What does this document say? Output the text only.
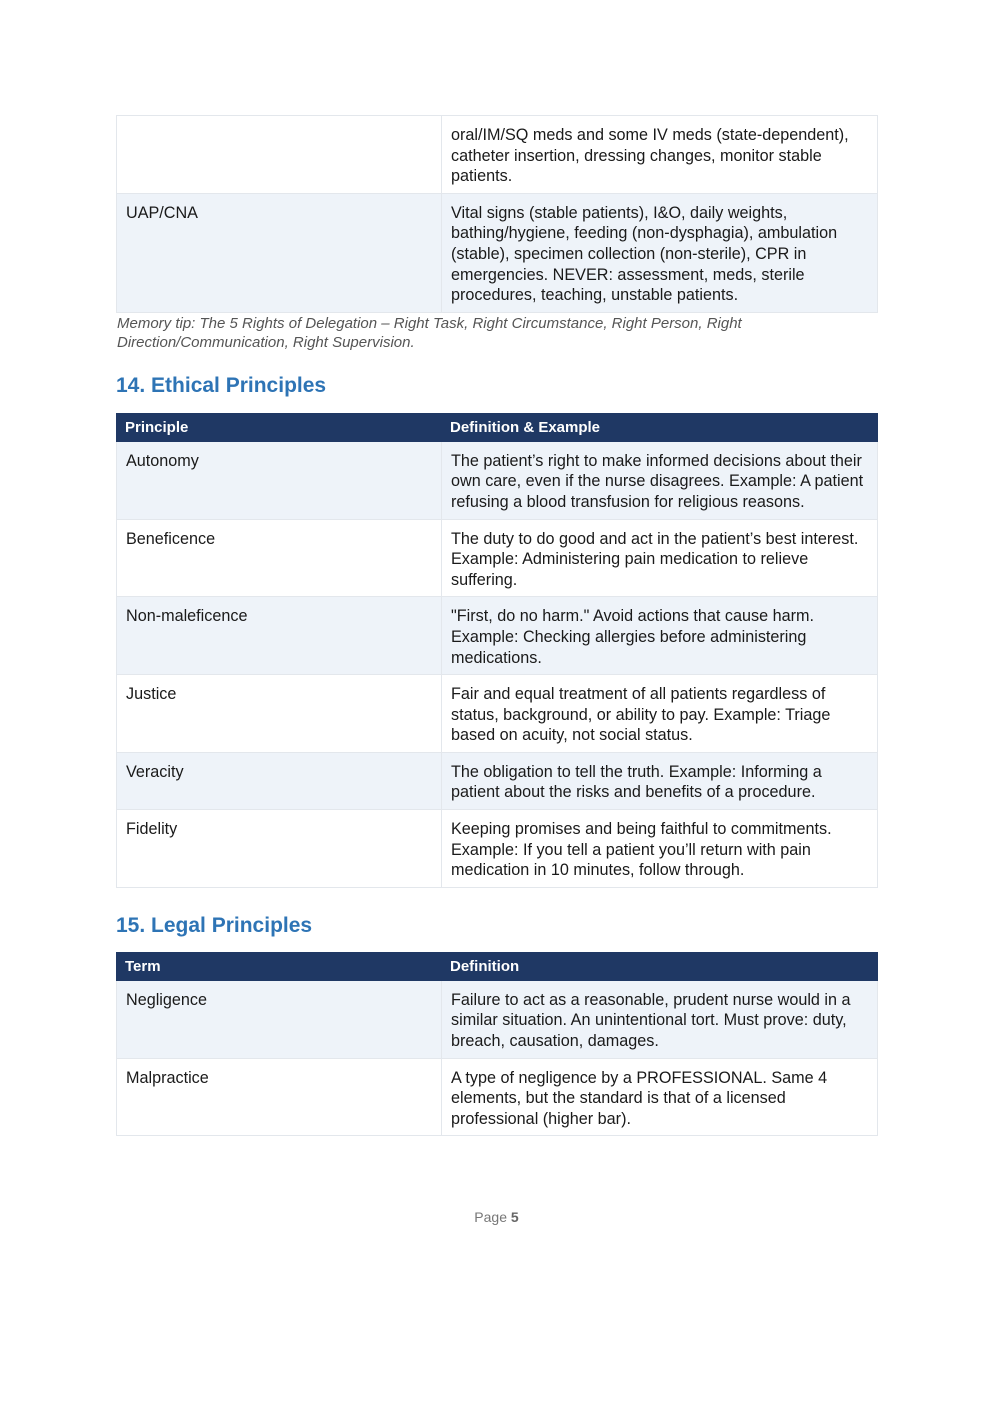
	oral/IM/SQ meds and some IV meds (state-dependent), catheter insertion, dressing changes, monitor stable patients.
UAP/CNA	Vital signs (stable patients), I&O, daily weights, bathing/hygiene, feeding (non-dysphagia), ambulation (stable), specimen collection (non-sterile), CPR in emergencies. NEVER: assessment, meds, sterile procedures, teaching, unstable patients.
Memory tip: The 5 Rights of Delegation – Right Task, Right Circumstance, Right Person, Right Direction/Communication, Right Supervision.
14. Ethical Principles
Principle	Definition & Example
Autonomy	The patient’s right to make informed decisions about their own care, even if the nurse disagrees. Example: A patient refusing a blood transfusion for religious reasons.
Beneficence	The duty to do good and act in the patient’s best interest. Example: Administering pain medication to relieve suffering.
Non-maleficence	"First, do no harm." Avoid actions that cause harm. Example: Checking allergies before administering medications.
Justice	Fair and equal treatment of all patients regardless of status, background, or ability to pay. Example: Triage based on acuity, not social status.
Veracity	The obligation to tell the truth. Example: Informing a patient about the risks and benefits of a procedure.
Fidelity	Keeping promises and being faithful to commitments. Example: If you tell a patient you’ll return with pain medication in 10 minutes, follow through.
15. Legal Principles
Term	Definition
Negligence	Failure to act as a reasonable, prudent nurse would in a similar situation. An unintentional tort. Must prove: duty, breach, causation, damages.
Malpractice	A type of negligence by a PROFESSIONAL. Same 4 elements, but the standard is that of a licensed professional (higher bar).
Page 5
